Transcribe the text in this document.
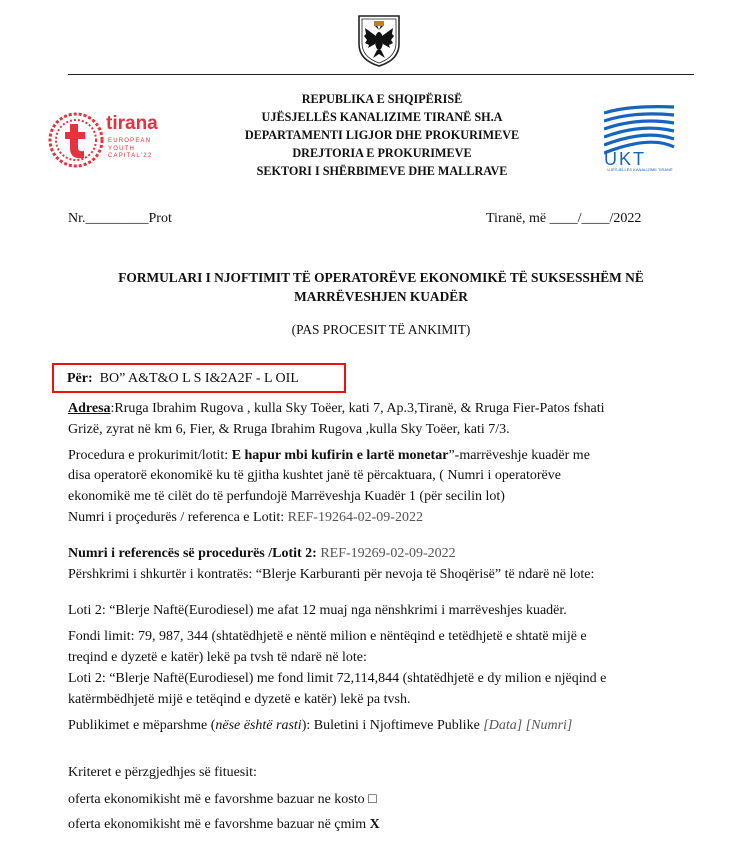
tirana
EUROPEAN
YOUTH
CAPITAL'22	UKT
UJËSJELLËS KANALIZIME TIRANË
REPUBLIKA E SHQIPËRISË
UJËSJELLËS KANALIZIME TIRANË SH.A
DEPARTAMENTI LIGJOR DHE PROKURIMEVE
DREJTORIA E PROKURIMEVE
SEKTORI I SHËRBIMEVE DHE MALLRAVE
Nr._________Prot	Tiranë, më ____/____/2022
FORMULARI I NJOFTIMIT TË OPERATORËVE EKONOMIKË TË SUKSESSHËM NË
MARRËVESHJEN KUADËR
(PAS PROCESIT TË ANKIMIT)
Për: BO” A&T&O L S I&2A2F - L OIL
Adresa:Rruga Ibrahim Rugova , kulla Sky Toëer, kati 7, Ap.3,Tiranë, & Rruga Fier-Patos fshati
Grizë, zyrat në km 6, Fier, & Rruga Ibrahim Rugova ,kulla Sky Toëer, kati 7/3.
Procedura e prokurimit/lotit: E hapur mbi kufirin e lartë monetar”-marrëveshje kuadër me
disa operatorë ekonomikë ku të gjitha kushtet janë të përcaktuara, ( Numri i operatorëve
ekonomikë me të cilët do të perfundojë Marrëveshja Kuadër 1 (për secilin lot)
Numri i proçedurës / referenca e Lotit: REF-19264-02-09-2022
Numri i referencës së procedurës /Lotit 2: REF-19269-02-09-2022
Përshkrimi i shkurtër i kontratës: “Blerje Karburanti për nevoja të Shoqërisë” të ndarë në lote:
Loti 2: “Blerje Naftë(Eurodiesel) me afat 12 muaj nga nënshkrimi i marrëveshjes kuadër.
Fondi limit: 79, 987, 344 (shtatëdhjetë e nëntë milion e nëntëqind e tetëdhjetë e shtatë mijë e
treqind e dyzetë e katër) lekë pa tvsh të ndarë në lote:
Loti 2: “Blerje Naftë(Eurodiesel) me fond limit 72,114,844 (shtatëdhjetë e dy milion e njëqind e
katërmbëdhjetë mijë e tetëqind e dyzetë e katër) lekë pa tvsh.
Publikimet e mëparshme (nëse është rasti): Buletini i Njoftimeve Publike [Data] [Numri]
Kriteret e përzgjedhjes së fituesit:
oferta ekonomikisht më e favorshme bazuar ne kosto □
oferta ekonomikisht më e favorshme bazuar në çmim X
